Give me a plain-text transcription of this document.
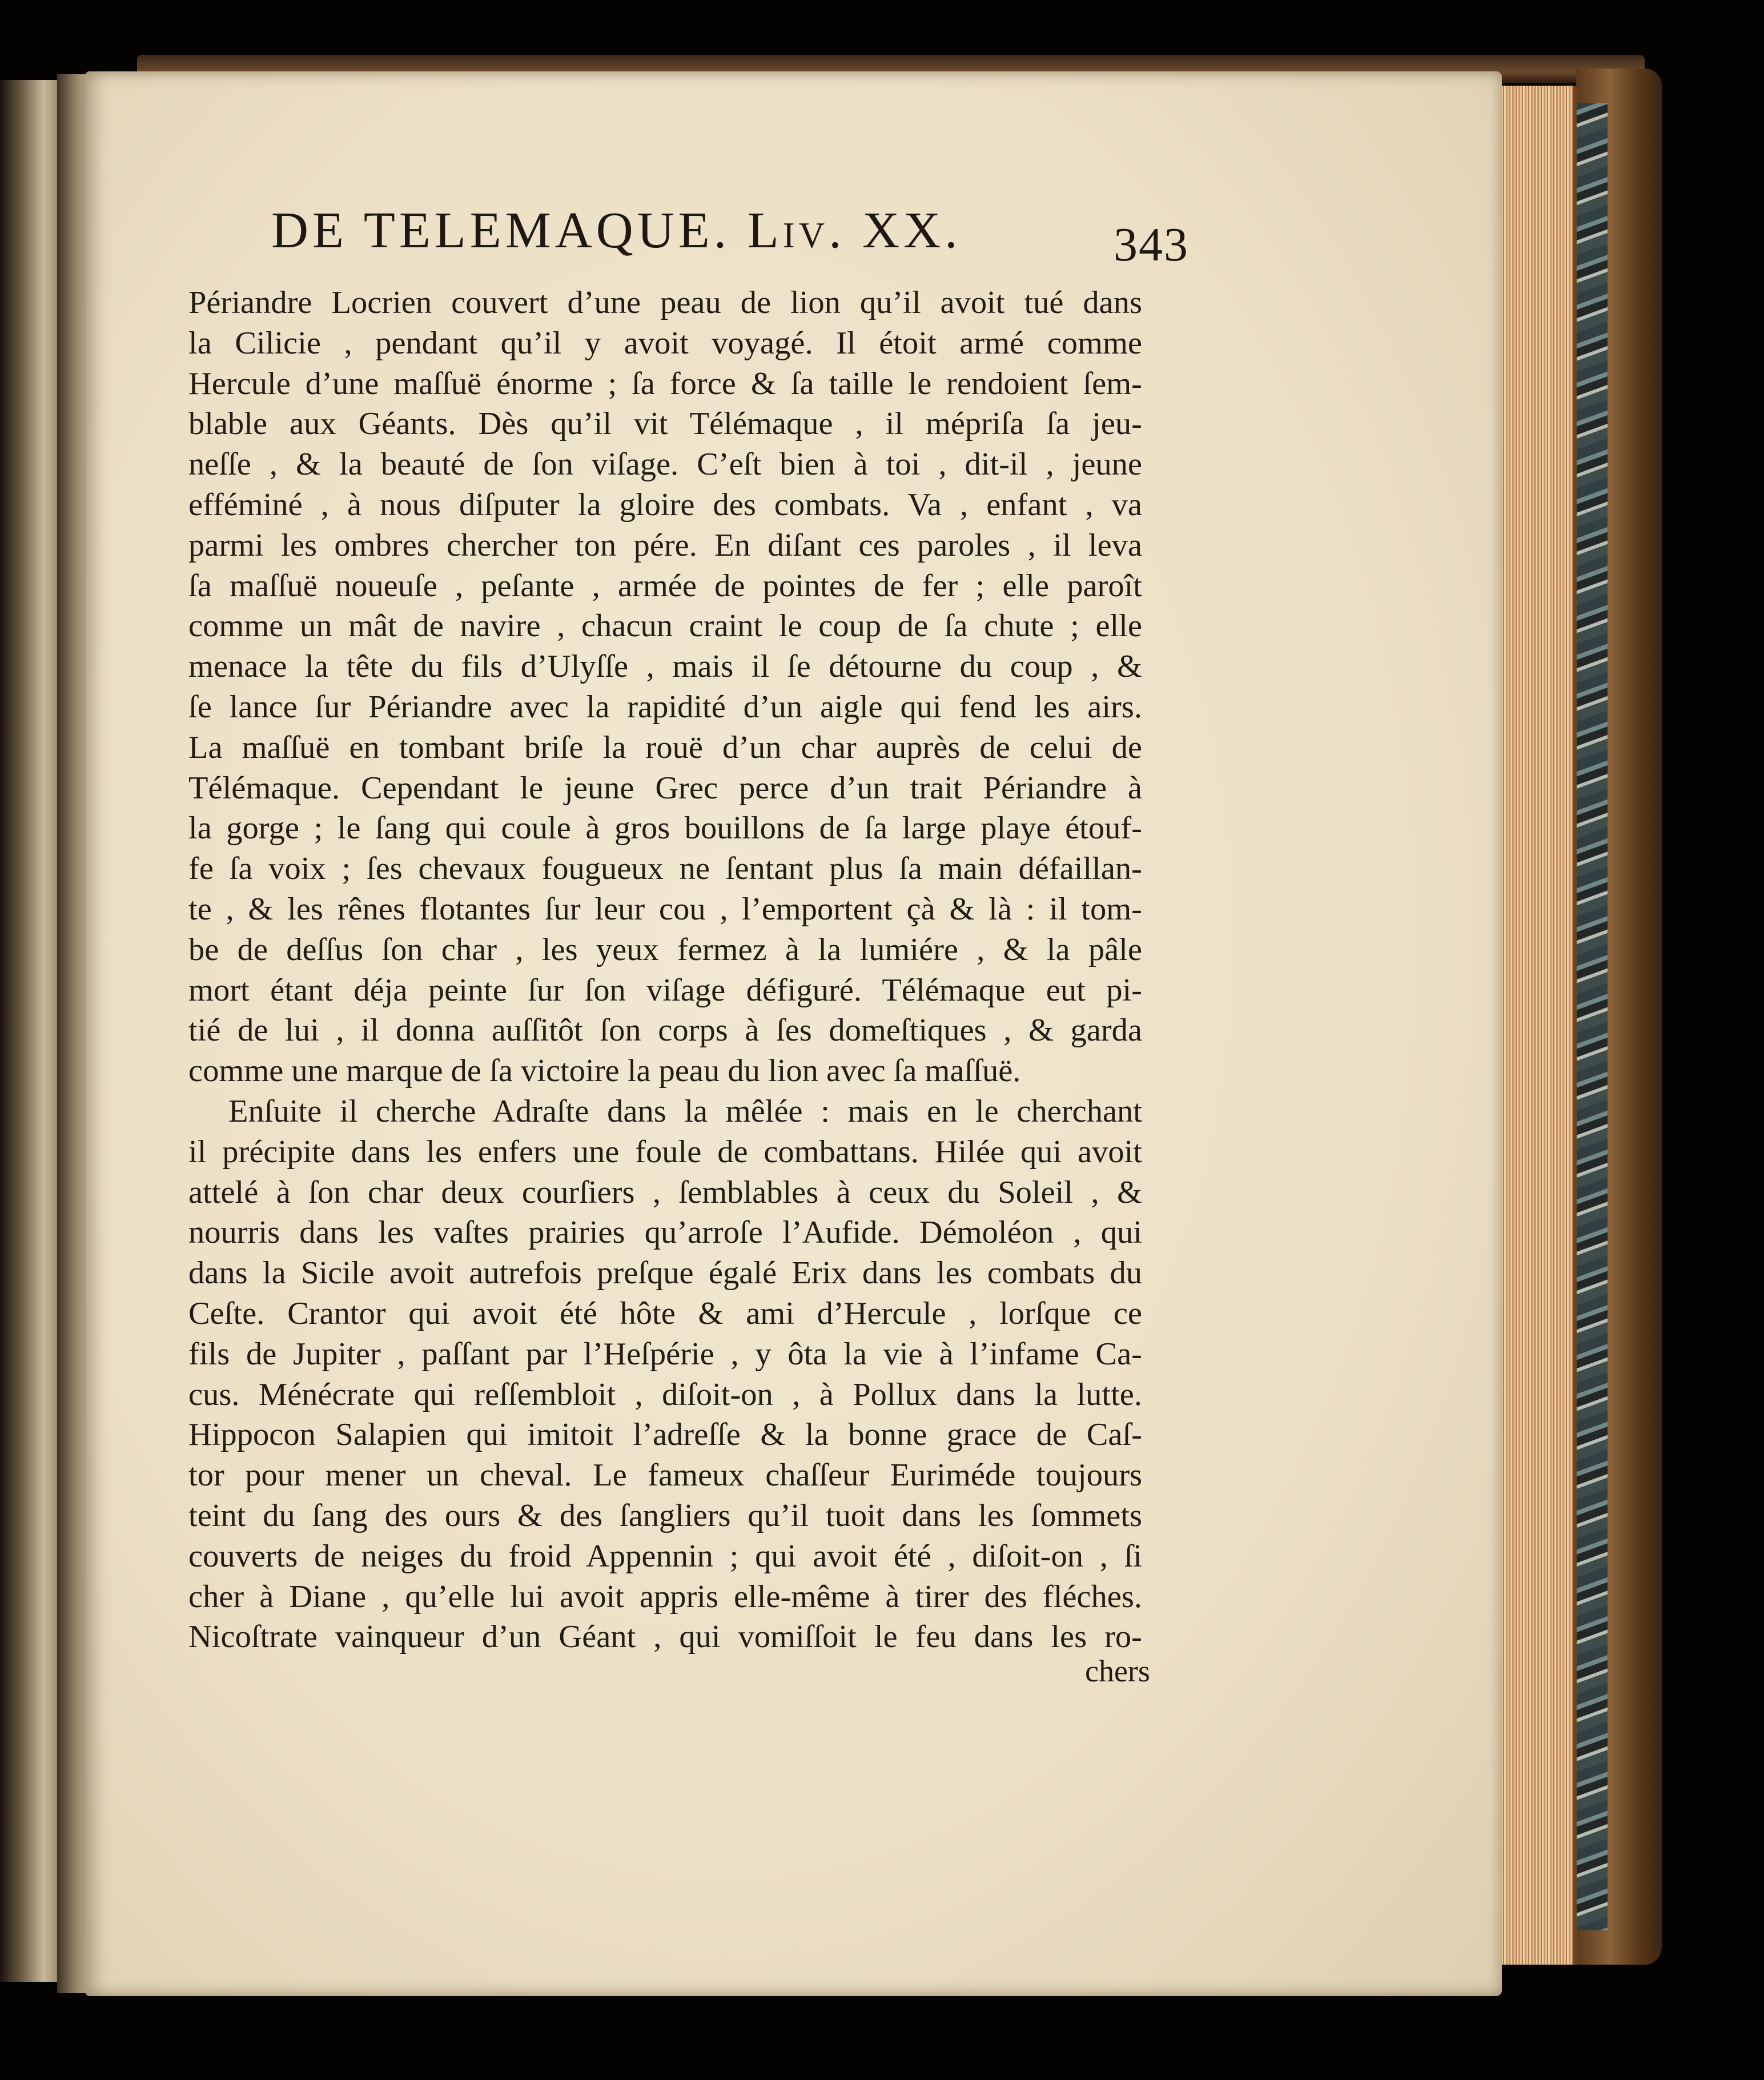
DE TELEMAQUE. Liv. XX.	343
Périandre Locrien couvert d’une peau de lion qu’il avoit tué dans
la Cilicie , pendant qu’il y avoit voyagé. Il étoit armé comme
Hercule d’une maſſuë énorme ; ſa force & ſa taille le rendoient ſem-
blable aux Géants. Dès qu’il vit Télémaque , il mépriſa ſa jeu-
neſſe , & la beauté de ſon viſage. C’eſt bien à toi , dit-il , jeune
efféminé , à nous diſputer la gloire des combats. Va , enfant , va
parmi les ombres chercher ton pére. En diſant ces paroles , il leva
ſa maſſuë noueuſe , peſante , armée de pointes de fer ; elle paroît
comme un mât de navire , chacun craint le coup de ſa chute ; elle
menace la tête du fils d’Ulyſſe , mais il ſe détourne du coup , &
ſe lance ſur Périandre avec la rapidité d’un aigle qui fend les airs.
La maſſuë en tombant briſe la rouë d’un char auprès de celui de
Télémaque. Cependant le jeune Grec perce d’un trait Périandre à
la gorge ; le ſang qui coule à gros bouillons de ſa large playe étouf-
fe ſa voix ; ſes chevaux fougueux ne ſentant plus ſa main défaillan-
te , & les rênes flotantes ſur leur cou , l’emportent çà & là : il tom-
be de deſſus ſon char , les yeux fermez à la lumiére , & la pâle
mort étant déja peinte ſur ſon viſage défiguré. Télémaque eut pi-
tié de lui , il donna auſſitôt ſon corps à ſes domeſtiques , & garda
comme une marque de ſa victoire la peau du lion avec ſa maſſuë.
Enſuite il cherche Adraſte dans la mêlée : mais en le cherchant
il précipite dans les enfers une foule de combattans. Hilée qui avoit
attelé à ſon char deux courſiers , ſemblables à ceux du Soleil , &
nourris dans les vaſtes prairies qu’arroſe l’Aufide. Démoléon , qui
dans la Sicile avoit autrefois preſque égalé Erix dans les combats du
Ceſte. Crantor qui avoit été hôte & ami d’Hercule , lorſque ce
fils de Jupiter , paſſant par l’Heſpérie , y ôta la vie à l’infame Ca-
cus. Ménécrate qui reſſembloit , diſoit-on , à Pollux dans la lutte.
Hippocon Salapien qui imitoit l’adreſſe & la bonne grace de Caſ-
tor pour mener un cheval. Le fameux chaſſeur Euriméde toujours
teint du ſang des ours & des ſangliers qu’il tuoit dans les ſommets
couverts de neiges du froid Appennin ; qui avoit été , diſoit-on , ſi
cher à Diane , qu’elle lui avoit appris elle-même à tirer des fléches.
Nicoſtrate vainqueur d’un Géant , qui vomiſſoit le feu dans les ro-
chers
